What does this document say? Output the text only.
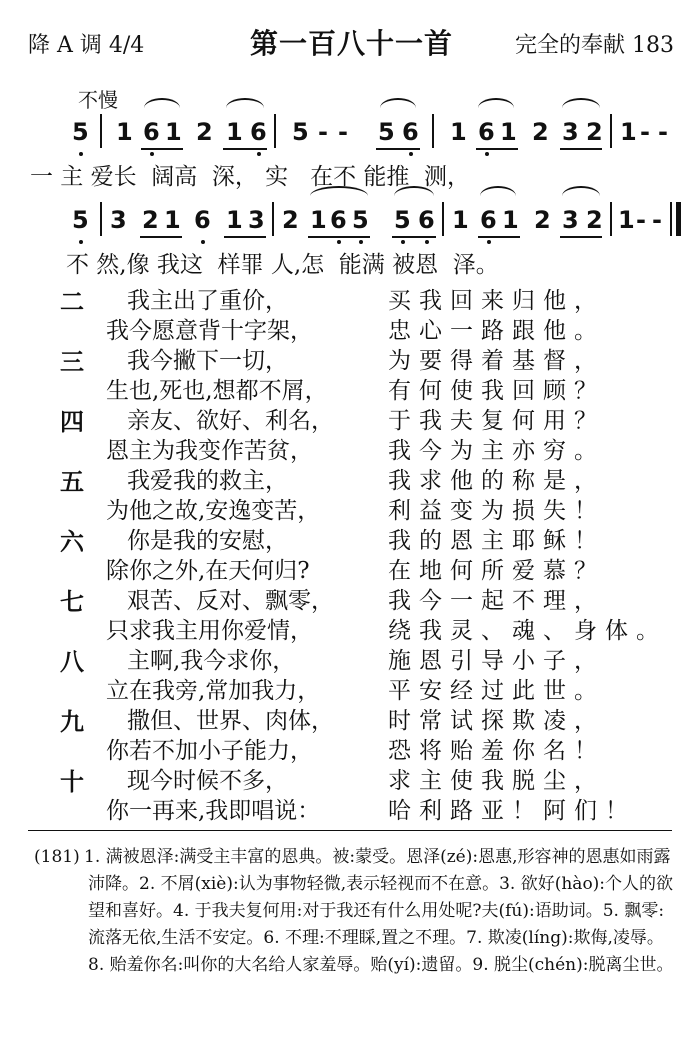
降 A 调 4/4	第一百八十一首	完全的奉献 183
不慢
5 1 6 1 2 1 6 5 - - 5 6 1 6 1 2 3 2 1 - -
一 主 爱长  阔高  深， 实   在不 能推  测，
5 3 2 1 6 1 3 2 1 6 5 5 6 1 6 1 2 3 2 1 - -
不 然,像 我这  样罪 人,怎  能满 被恩  泽。
二 我主出了重价，
我今愿意背十字架，
买我回来归他，
忠心一路跟他。
三 我今撇下一切，
生也,死也,想都不屑，
为要得着基督，
有何使我回顾？
四 亲友、欲好、利名，
恩主为我变作苦贫，
于我夫复何用？
我今为主亦穷。
五 我爱我的救主，
为他之故,安逸变苦，
我求他的称是，
利益变为损失！
六 你是我的安慰，
除你之外,在天何归?
我的恩主耶稣！
在地何所爱慕？
七 艰苦、反对、飘零，
只求我主用你爱情，
我今一起不理，
绕我灵、魂、身体。
八 主啊,我今求你，
立在我旁,常加我力，
施恩引导小子，
平安经过此世。
九 撒但、世界、肉体，
你若不加小子能力，
时常试探欺凌，
恐将贻羞你名！
十 现今时候不多，
你一再来,我即唱说：
求主使我脱尘，
哈利路亚！阿们！
(181) 1. 满被恩泽:满受主丰富的恩典。被:蒙受。恩泽(zé):恩惠,形容神的恩惠如雨露沛降。2. 不屑(xiè):认为事物轻微,表示轻视而不在意。3. 欲好(hào):个人的欲望和喜好。4. 于我夫复何用:对于我还有什么用处呢?夫(fú):语助词。5. 飘零:流落无依,生活不安定。6. 不理:不理睬,置之不理。7. 欺凌(líng):欺侮,凌辱。8. 贻羞你名:叫你的大名给人家羞辱。贻(yí):遗留。9. 脱尘(chén):脱离尘世。
